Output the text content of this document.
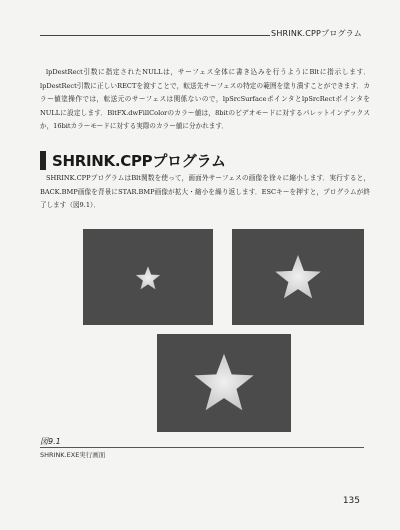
SHRINK.CPPプログラム

lpDestRect引数に指定されたNULLは，サーフェス全体に書き込みを行うようにBltに指示します．lpDestRect引数に正しいRECTを渡すことで，転送先サーフェスの特定の範囲を塗り潰すことができます．カラー値塗操作では，転送元のサーフェスは関係ないので，lpSrcSurfaceポインタとlpSrcRectポインタをNULLに設定します．BltFX.dwFillColorのカラー値は，8bitのビデオモードに対するパレットインデックスか，16bitカラーモードに対する実際のカラー値に分かれます．

SHRINK.CPPプログラム

SHRINK.CPPプログラムはBlt関数を使って，画面外サーフェスの画像を徐々に縮小します．実行すると，BACK.BMP画像を背景にSTAR.BMP画像が拡大・縮小を繰り返します．ESCキーを押すと，プログラムが終了します（図9.1）．

図9.1
SHRINK.EXE実行画面
135
